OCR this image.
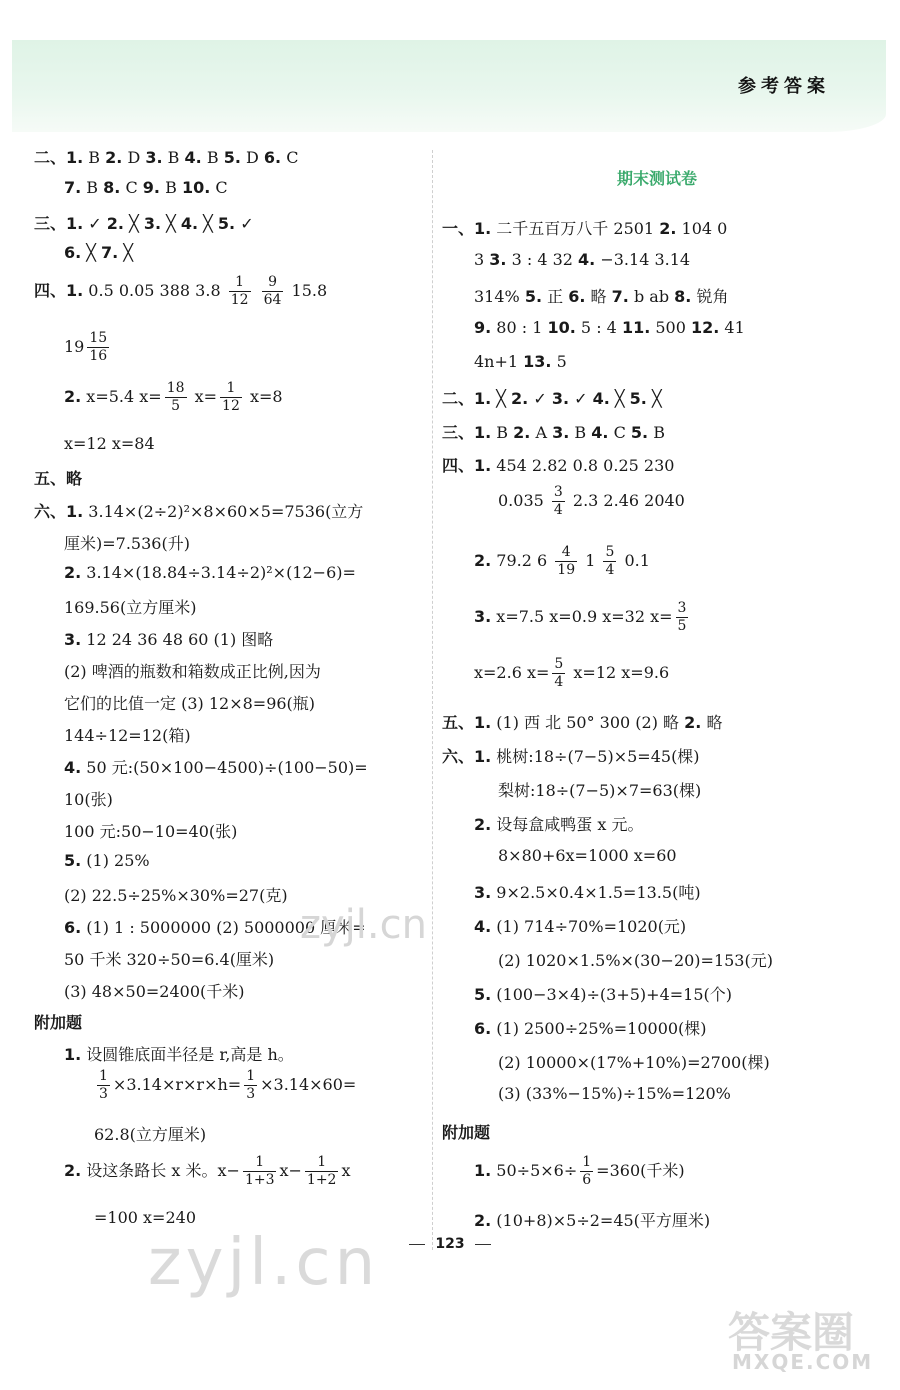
参考答案
二、1. B 2. D 3. B 4. B 5. D 6. C
7. B 8. C 9. B 10. C
三、1. ✓ 2. ╳ 3. ╳ 4. ╳ 5. ✓
6. ╳ 7. ╳
四、1. 0.5 0.05 388 $3.8 \frac{1}{12}$
$\frac{9}{64} 15.8$
$19 \frac{15}{16}$
2. x=5.4 $x= \frac{18}{5} x= \frac{1}{12} x=8$
x=12 x=84
五、略
六、1. 3.14×(2÷2)²×8×60×5=7536(立方
厘米)=7.536(升)
2. 3.14×(18.84÷3.14÷2)²×(12−6)=
169.56(立方厘米)
3. 12 24 36 48 60 (1) 图略
(2) 啤酒的瓶数和箱数成正比例,因为
它们的比值一定 (3) 12×8=96(瓶)
144÷12=12(箱)
4. 50 元:(50×100−4500)÷(100−50)=
10(张)
100 元:50−10=40(张)
5. (1) 25%
(2) 22.5÷25%×30%=27(克)
6. (1) 1 : 5000000 (2) 5000000 厘米=
50 千米 320÷50=6.4(厘米)
(3) 48×50=2400(千米)
附加题
1. 设圆锥底面半径是 r,高是 h。
$\frac{1}{3} \times 3.14\times r\times r\times h= \frac{1}{3} \times 3.14\times 60=$
62.8(立方厘米)
2. 设这条路长 x 米。$x- \frac{1}{1+3} x- \frac{1}{1+2}$ x
=100 x=240
期末测试卷
一、1. 二千五百万八千 2501 2. 104 0
3 3. 3 : 4 32 4. −3.14 3.14
314% 5. 正 6. 略 7. b ab 8. 锐角
9. 80 : 1 10. 5 : 4 11. 500 12. 41
4n+1 13. 5
二、1. ╳ 2. ✓ 3. ✓ 4. ╳ 5. ╳
三、1. B 2. A 3. B 4. C 5. B
四、1. 454 2.82 0.8 0.25 230
$0.035 \frac{3}{4} 2.3$ 2.46 2040
2. 79.2 $6 \frac{4}{19} 1 \frac{5}{4} 0.1$
3. x=7.5 x=0.9 x=32 $x= \frac{3}{5}$
x=2.6 $x= \frac{5}{4} x=12$ x=9.6
五、1. (1) 西 北 50° 300 (2) 略 2. 略
六、1. 桃树:18÷(7−5)×5=45(棵)
梨树:18÷(7−5)×7=63(棵)
2. 设每盒咸鸭蛋 x 元。
8×80+6x=1000 x=60
3. 9×2.5×0.4×1.5=13.5(吨)
4. (1) 714÷70%=1020(元)
(2) 1020×1.5%×(30−20)=153(元)
5. (100−3×4)÷(3+5)+4=15(个)
6. (1) 2500÷25%=10000(棵)
(2) 10000×(17%+10%)=2700(棵)
(3) (33%−15%)÷15%=120%
附加题
1. $50\div 5\times 6\div \frac{1}{6} =360$(千米)
2. (10+8)×5÷2=45(平方厘米)
123
zyjl.cn
zyjl.cn
答案圈
MXQE.COM
